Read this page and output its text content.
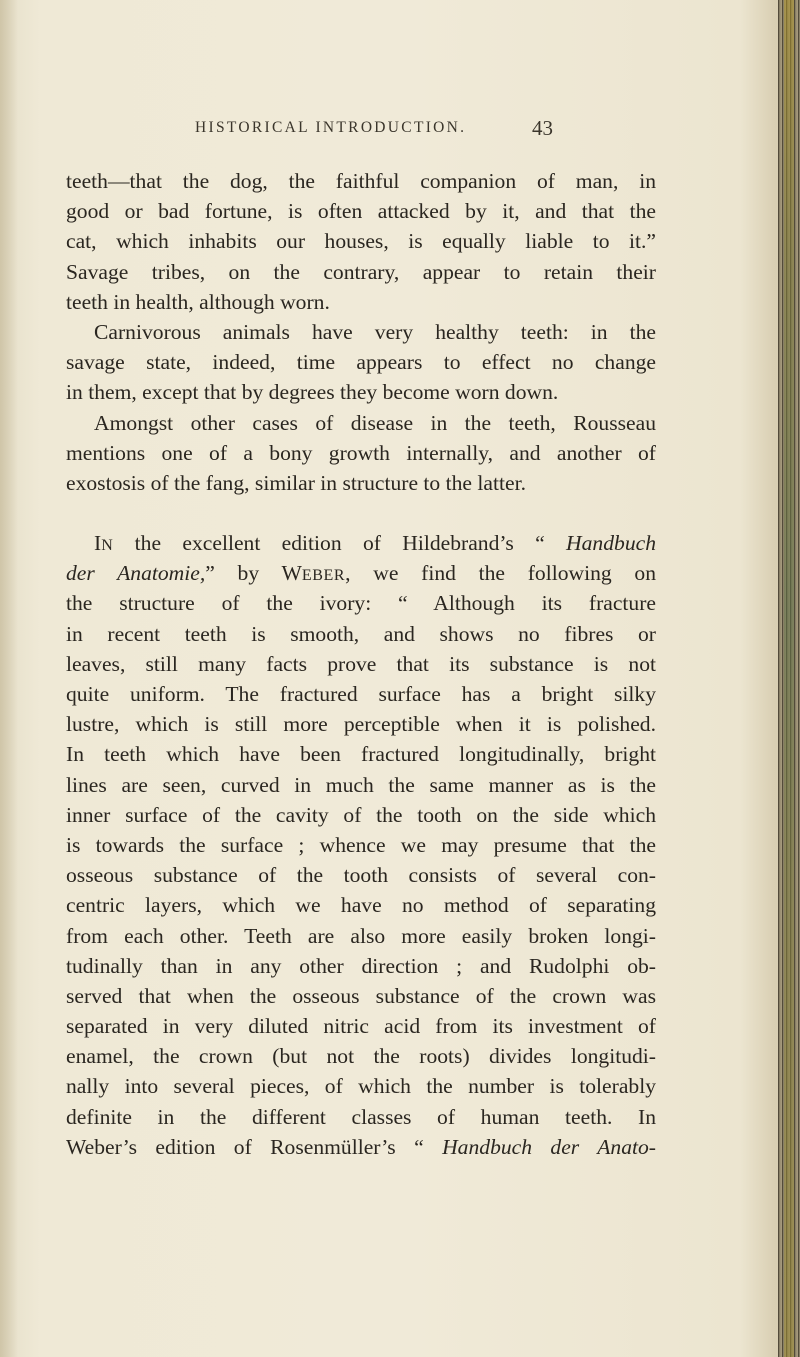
HISTORICAL INTRODUCTION.	43
teeth—that the dog, the faithful companion of man, in
good or bad fortune, is often attacked by it, and that the
cat, which inhabits our houses, is equally liable to it.”
Savage tribes, on the contrary, appear to retain their
teeth in health, although worn.
Carnivorous animals have very healthy teeth: in the
savage state, indeed, time appears to effect no change
in them, except that by degrees they become worn down.
Amongst other cases of disease in the teeth, Rousseau
mentions one of a bony growth internally, and another of
exostosis of the fang, similar in structure to the latter.
IN the excellent edition of Hildebrand’s “ Handbuch
der Anatomie,” by WEBER, we find the following on
the structure of the ivory: “ Although its fracture
in recent teeth is smooth, and shows no fibres or
leaves, still many facts prove that its substance is not
quite uniform. The fractured surface has a bright silky
lustre, which is still more perceptible when it is polished.
In teeth which have been fractured longitudinally, bright
lines are seen, curved in much the same manner as is the
inner surface of the cavity of the tooth on the side which
is towards the surface ; whence we may presume that the
osseous substance of the tooth consists of several con-
centric layers, which we have no method of separating
from each other. Teeth are also more easily broken longi-
tudinally than in any other direction ; and Rudolphi ob-
served that when the osseous substance of the crown was
separated in very diluted nitric acid from its investment of
enamel, the crown (but not the roots) divides longitudi-
nally into several pieces, of which the number is tolerably
definite in the different classes of human teeth. In
Weber’s edition of Rosenmüller’s “ Handbuch der Anato-
